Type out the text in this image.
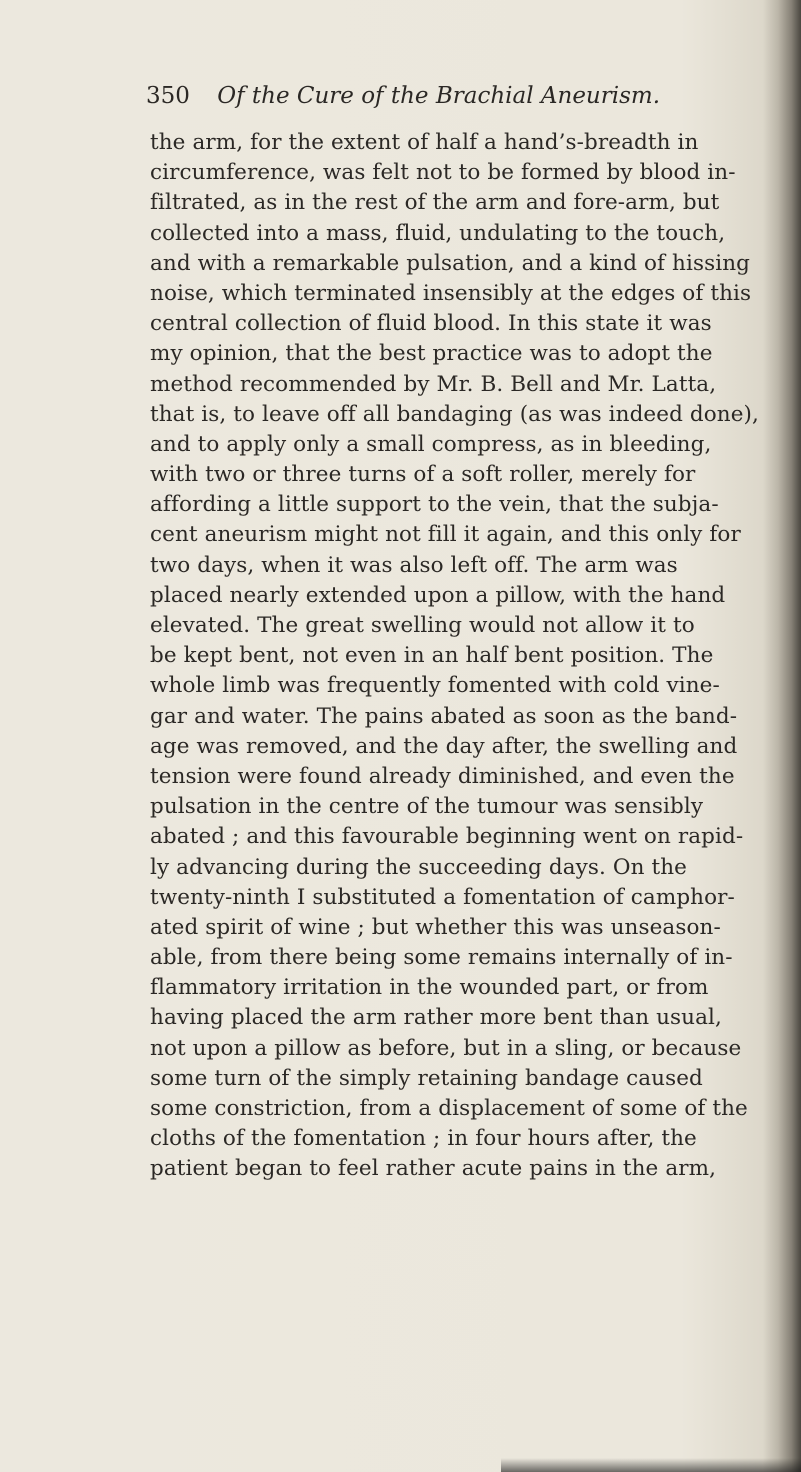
350 Of the Cure of the Brachial Aneurism.
the arm, for the extent of half a hand’s-breadth in
circumference, was felt not to be formed by blood in-
filtrated, as in the rest of the arm and fore-arm, but
collected into a mass, fluid, undulating to the touch,
and with a remarkable pulsation, and a kind of hissing
noise, which terminated insensibly at the edges of this
central collection of fluid blood. In this state it was
my opinion, that the best practice was to adopt the
method recommended by Mr. B. Bell and Mr. Latta,
that is, to leave off all bandaging (as was indeed done),
and to apply only a small compress, as in bleeding,
with two or three turns of a soft roller, merely for
affording a little support to the vein, that the subja-
cent aneurism might not fill it again, and this only for
two days, when it was also left off. The arm was
placed nearly extended upon a pillow, with the hand
elevated. The great swelling would not allow it to
be kept bent, not even in an half bent position. The
whole limb was frequently fomented with cold vine-
gar and water. The pains abated as soon as the band-
age was removed, and the day after, the swelling and
tension were found already diminished, and even the
pulsation in the centre of the tumour was sensibly
abated ; and this favourable beginning went on rapid-
ly advancing during the succeeding days. On the
twenty-ninth I substituted a fomentation of camphor-
ated spirit of wine ; but whether this was unseason-
able, from there being some remains internally of in-
flammatory irritation in the wounded part, or from
having placed the arm rather more bent than usual,
not upon a pillow as before, but in a sling, or because
some turn of the simply retaining bandage caused
some constriction, from a displacement of some of the
cloths of the fomentation ; in four hours after, the
patient began to feel rather acute pains in the arm,
